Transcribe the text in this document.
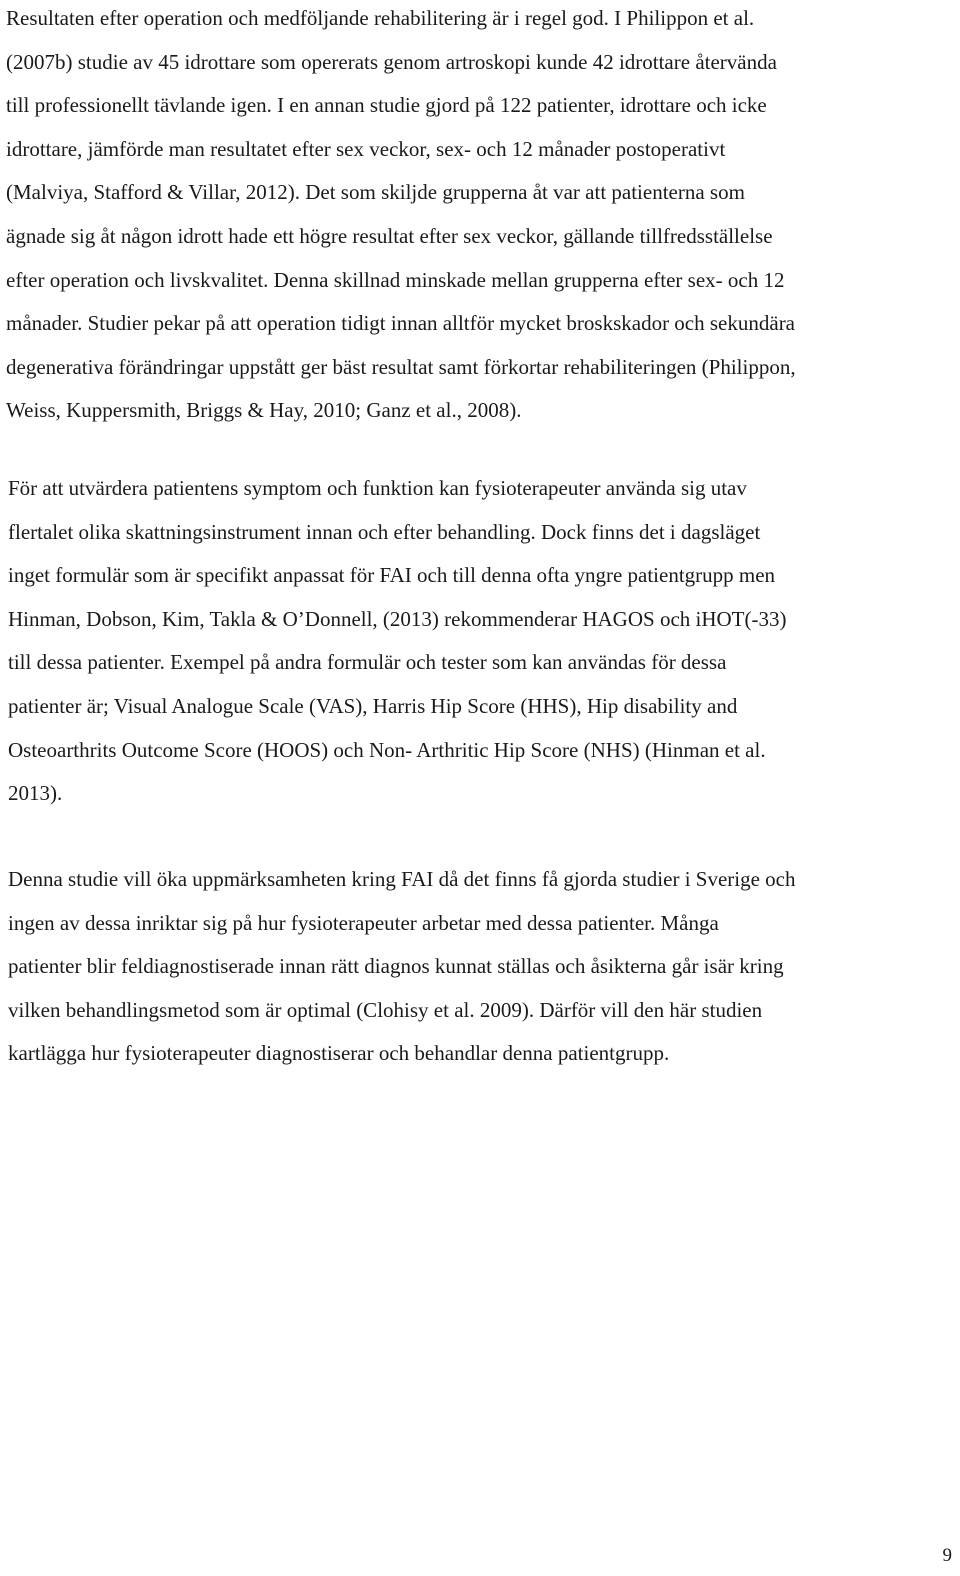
Resultaten efter operation och medföljande rehabilitering är i regel god. I Philippon et al.
(2007b) studie av 45 idrottare som opererats genom artroskopi kunde 42 idrottare återvända
till professionellt tävlande igen. I en annan studie gjord på 122 patienter, idrottare och icke
idrottare, jämförde man resultatet efter sex veckor, sex- och 12 månader postoperativt
(Malviya, Stafford & Villar, 2012). Det som skiljde grupperna åt var att patienterna som
ägnade sig åt någon idrott hade ett högre resultat efter sex veckor, gällande tillfredsställelse
efter operation och livskvalitet. Denna skillnad minskade mellan grupperna efter sex- och 12
månader. Studier pekar på att operation tidigt innan alltför mycket broskskador och sekundära
degenerativa förändringar uppstått ger bäst resultat samt förkortar rehabiliteringen (Philippon,
Weiss, Kuppersmith, Briggs & Hay, 2010; Ganz et al., 2008).

För att utvärdera patientens symptom och funktion kan fysioterapeuter använda sig utav
flertalet olika skattningsinstrument innan och efter behandling. Dock finns det i dagsläget
inget formulär som är specifikt anpassat för FAI och till denna ofta yngre patientgrupp men
Hinman, Dobson, Kim, Takla & O’Donnell, (2013) rekommenderar HAGOS och iHOT(-33)
till dessa patienter. Exempel på andra formulär och tester som kan användas för dessa
patienter är; Visual Analogue Scale (VAS), Harris Hip Score (HHS), Hip disability and
Osteoarthrits Outcome Score (HOOS) och Non- Arthritic Hip Score (NHS) (Hinman et al.
2013).

Denna studie vill öka uppmärksamheten kring FAI då det finns få gjorda studier i Sverige och
ingen av dessa inriktar sig på hur fysioterapeuter arbetar med dessa patienter. Många
patienter blir feldiagnostiserade innan rätt diagnos kunnat ställas och åsikterna går isär kring
vilken behandlingsmetod som är optimal (Clohisy et al. 2009). Därför vill den här studien
kartlägga hur fysioterapeuter diagnostiserar och behandlar denna patientgrupp.

9
